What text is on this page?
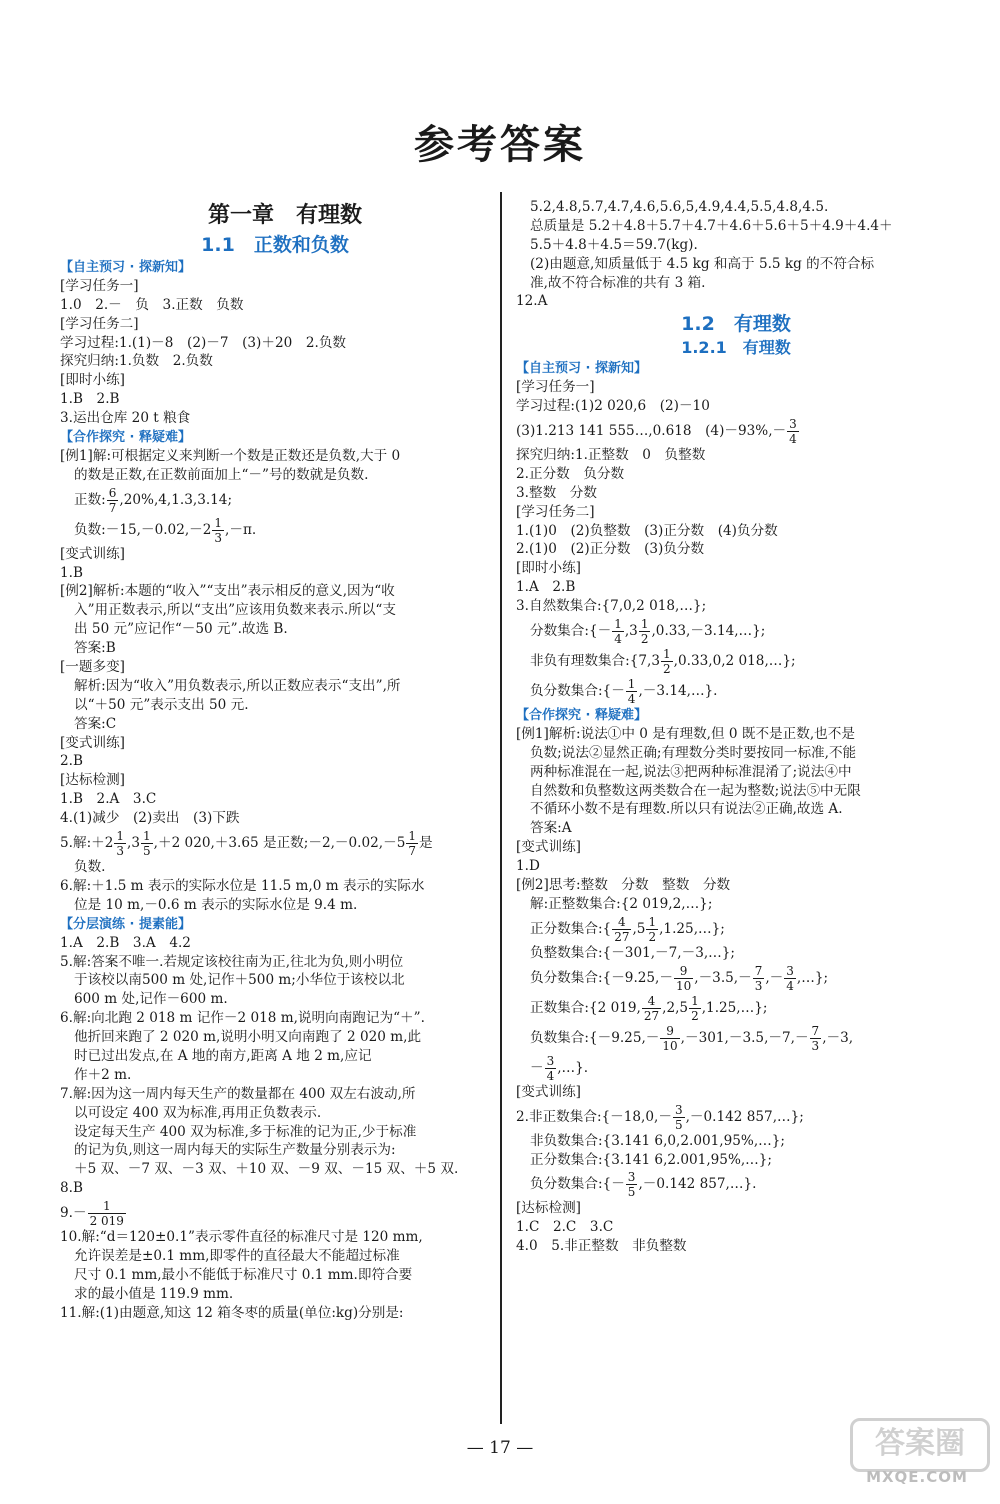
参考答案
第一章　有理数
1.1　正数和负数
【自主预习 · 探新知】
[学习任务一]
1.0　2.－　负　3.正数　负数
[学习任务二]
学习过程:1.(1)－8　(2)－7　(3)＋20　2.负数
探究归纳:1.负数　2.负数
[即时小练]
1.B　2.B
3.运出仓库 20 t 粮食
【合作探究 · 释疑难】
[例1]解:可根据定义来判断一个数是正数还是负数,大于 0
的数是正数,在正数前面加上“－”号的数就是负数.
正数: $\frac{6}{7} ,20\%,4,1.3,3.14$;
负数:－15,－0.02,－2 $\frac{1}{3} ,-\pi$.
[变式训练]
1.B
[例2]解析:本题的“收入”“支出”表示相反的意义,因为“收
入”用正数表示,所以“支出”应该用负数来表示.所以“支
出 50 元”应记作“－50 元”.故选 B.
答案:B
[一题多变]
解析:因为“收入”用负数表示,所以正数应表示“支出”,所
以“＋50 元”表示支出 50 元.
答案:C
[变式训练]
2.B
[达标检测]
1.B　2.A　3.C
4.(1)减少　(2)卖出　(3)下跌
5.解:＋2 $\frac{1}{3} ,3 \frac{1}{5} ,+2$ 020,＋3.65 是正数;－2,－0.02,－5 $\frac{1}{7}$ 是
负数.
6.解:＋1.5 m 表示的实际水位是 11.5 m,0 m 表示的实际水
位是 10 m,－0.6 m 表示的实际水位是 9.4 m.
【分层演练 · 提素能】
1.A　2.B　3.A　4.2
5.解:答案不唯一.若规定该校往南为正,往北为负,则小明位
于该校以南500 m 处,记作＋500 m;小华位于该校以北
600 m 处,记作－600 m.
6.解:向北跑 2 018 m 记作－2 018 m,说明向南跑记为“＋”.
他折回来跑了 2 020 m,说明小明又向南跑了 2 020 m,此
时已过出发点,在 A 地的南方,距离 A 地 2 m,应记
作＋2 m.
7.解:因为这一周内每天生产的数量都在 400 双左右波动,所
以可设定 400 双为标准,再用正负数表示.
设定每天生产 400 双为标准,多于标准的记为正,少于标准
的记为负,则这一周内每天的实际生产数量分别表示为:
＋5 双、－7 双、－3 双、＋10 双、－9 双、－15 双、＋5 双.
8.B
$9.- \frac{1}{2 019}$
10.解:“d＝120±0.1”表示零件直径的标准尺寸是 120 mm,
允许误差是±0.1 mm,即零件的直径最大不能超过标准
尺寸 0.1 mm,最小不能低于标准尺寸 0.1 mm.即符合要
求的最小值是 119.9 mm.
11.解:(1)由题意,知这 12 箱冬枣的质量(单位:kg)分别是:
5.2,4.8,5.7,4.7,4.6,5.6,5,4.9,4.4,5.5,4.8,4.5.
总质量是 5.2＋4.8＋5.7＋4.7＋4.6＋5.6＋5＋4.9＋4.4＋
5.5＋4.8＋4.5＝59.7(kg).
(2)由题意,知质量低于 4.5 kg 和高于 5.5 kg 的不符合标
准,故不符合标准的共有 3 箱.
12.A
1.2　有理数
1.2.1　有理数
【自主预习 · 探新知】
[学习任务一]
学习过程:(1)2 020,6　(2)－10
(3)1.213 141 555…,0.618　$(4)-93\%,- \frac{3}{4}$
探究归纳:1.正整数　0　负整数
2.正分数　负分数
3.整数　分数
[学习任务二]
1.(1)0　(2)负整数　(3)正分数　(4)负分数
2.(1)0　(2)正分数　(3)负分数
[即时小练]
1.A　2.B
3.自然数集合:{7,0,2 018,…};
分数集合:{－ $\frac{1}{4} ,3 \frac{1}{2}$ ,0.33,－3.14,…};
非负有理数集合:{7,3 $\frac{1}{2} ,0.33,0,2$ 018,…};
负分数集合:{－ $\frac{1}{4}$ ,－3.14,…}.
【合作探究 · 释疑难】
[例1]解析:说法①中 0 是有理数,但 0 既不是正数,也不是
负数;说法②显然正确;有理数分类时要按同一标准,不能
两种标准混在一起,说法③把两种标准混淆了;说法④中
自然数和负整数这两类数合在一起为整数;说法⑤中无限
不循环小数不是有理数.所以只有说法②正确,故选 A.
答案:A
[变式训练]
1.D
[例2]思考:整数　分数　整数　分数
解:正整数集合:{2 019,2,…};
正分数集合:{ $\frac{4}{27} ,5 \frac{1}{2}$ ,1.25,…};
负整数集合:{－301,－7,－3,…};
负分数集合:{－9.25,－ $\frac{9}{10} ,-3.5,- \frac{7}{3}$ ,－ $\frac{3}{4}$ ,…};
正数集合:{2 019, $\frac{4}{27} ,2,5 \frac{1}{2}$ ,1.25,…};
负数集合:{－9.25,－ $\frac{9}{10} ,-301,-3.5,-7,- \frac{7}{3} ,-3$,
－ $\frac{3}{4}$ ,…}.
[变式训练]
2.非正数集合:{－18,0,－ $\frac{3}{5} ,-0.142$ 857,…};
非负数集合:{3.141 6,0,2.001,95%,…};
正分数集合:{3.141 6,2.001,95%,…};
负分数集合:{－ $\frac{3}{5} ,-0.142$ 857,…}.
[达标检测]
1.C　2.C　3.C
4.0　5.非正整数　非负整数
— 17 —	答案圈
MXQE.COM
